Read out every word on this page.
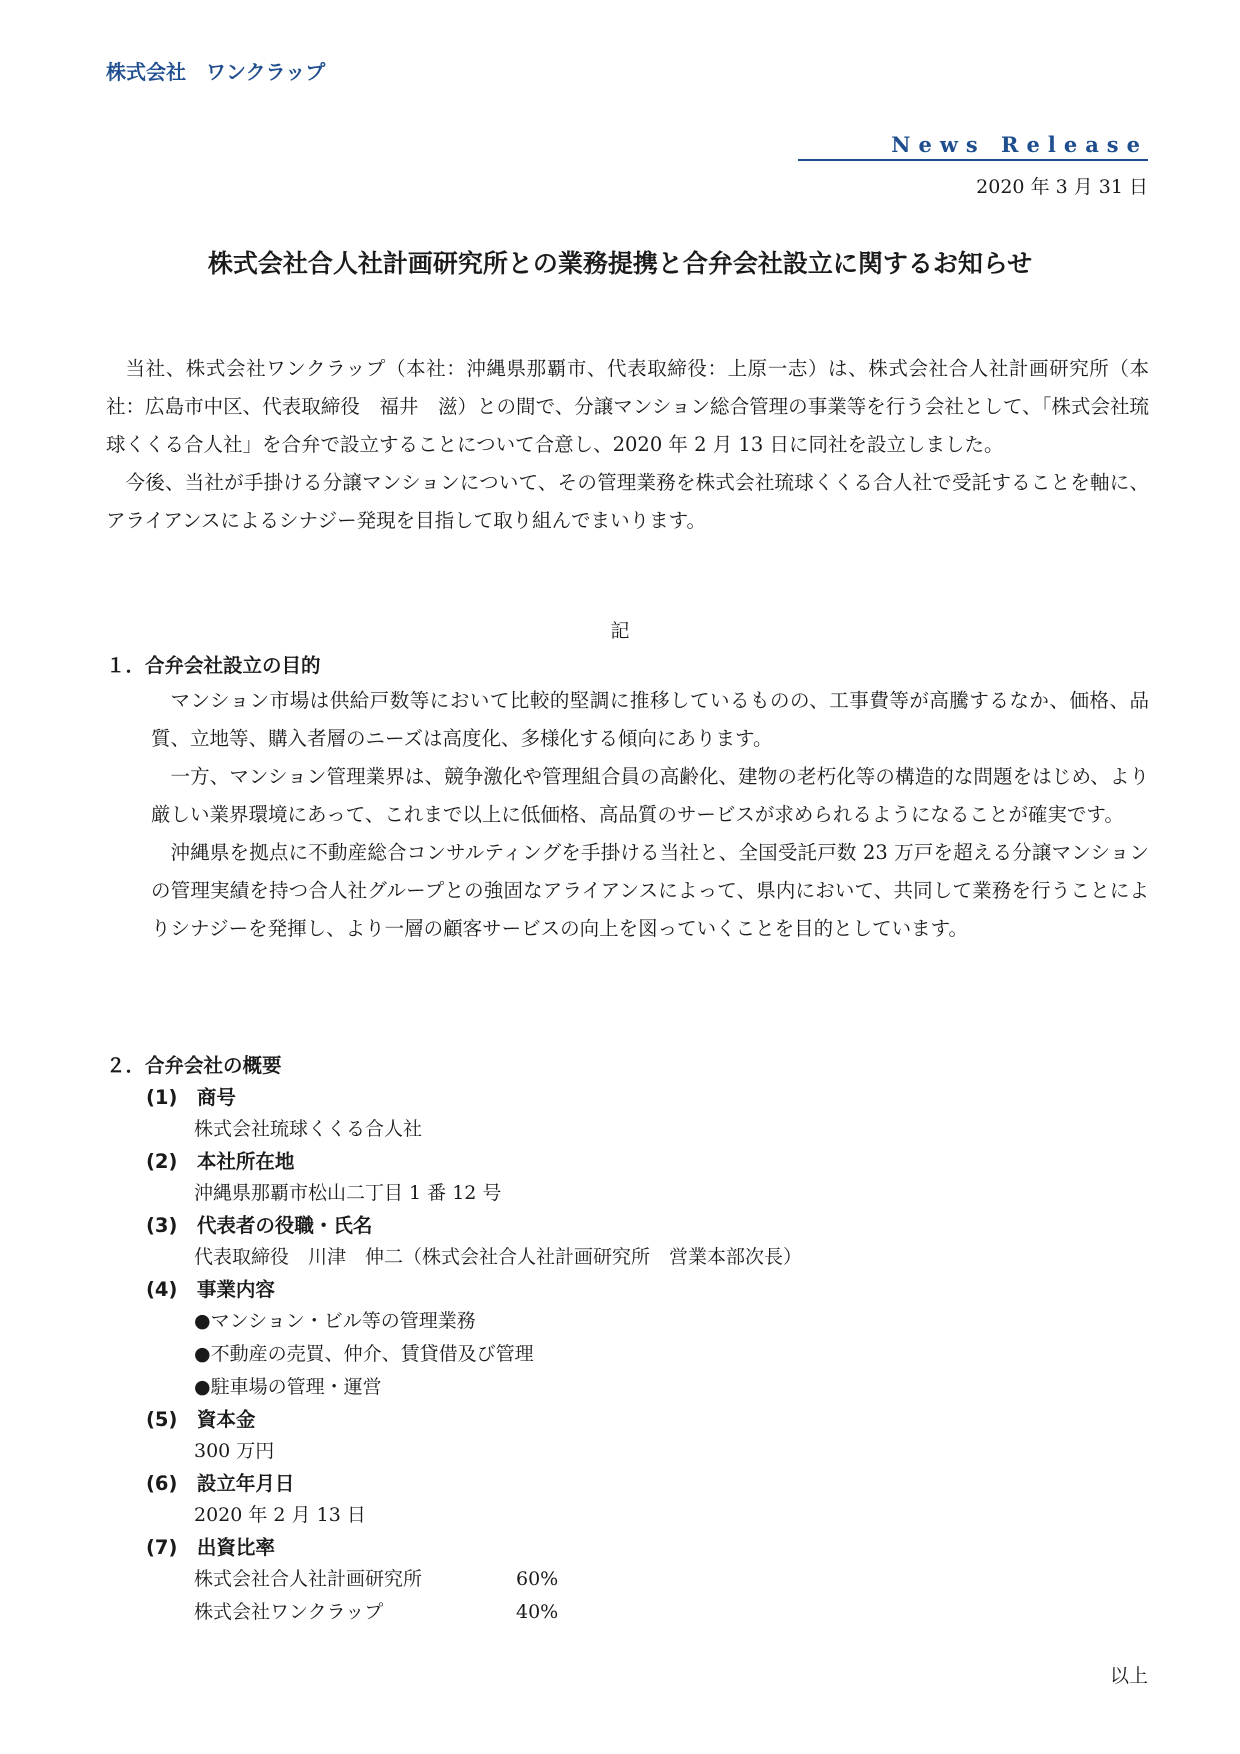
株式会社　ワンクラップ
News Release
2020 年 3 月 31 日
株式会社合人社計画研究所との業務提携と合弁会社設立に関するお知らせ

当社、株式会社ワンクラップ（本社：沖縄県那覇市、代表取締役：上原一志）は、株式会社合人社計画研究所（本社：広島市中区、代表取締役　福井　滋）との間で、分譲マンション総合管理の事業等を行う会社として、「株式会社琉球くくる合人社」を合弁で設立することについて合意し、2020 年 2 月 13 日に同社を設立しました。

今後、当社が手掛ける分譲マンションについて、その管理業務を株式会社琉球くくる合人社で受託することを軸に、アライアンスによるシナジー発現を目指して取り組んでまいります。

記
１．合弁会社設立の目的

マンション市場は供給戸数等において比較的堅調に推移しているものの、工事費等が高騰するなか、価格、品質、立地等、購入者層のニーズは高度化、多様化する傾向にあります。

一方、マンション管理業界は、競争激化や管理組合員の高齢化、建物の老朽化等の構造的な問題をはじめ、より厳しい業界環境にあって、これまで以上に低価格、高品質のサービスが求められるようになることが確実です。

沖縄県を拠点に不動産総合コンサルティングを手掛ける当社と、全国受託戸数 23 万戸を超える分譲マンションの管理実績を持つ合人社グループとの強固なアライアンスによって、県内において、共同して業務を行うことによりシナジーを発揮し、より一層の顧客サービスの向上を図っていくことを目的としています。

２．合弁会社の概要
(1)　商号
株式会社琉球くくる合人社
(2)　本社所在地
沖縄県那覇市松山二丁目 1 番 12 号
(3)　代表者の役職・氏名
代表取締役　川津　伸二（株式会社合人社計画研究所　営業本部次長）
(4)　事業内容
●マンション・ビル等の管理業務
●不動産の売買、仲介、賃貸借及び管理
●駐車場の管理・運営
(5)　資本金
300 万円
(6)　設立年月日
2020 年 2 月 13 日
(7)　出資比率
株式会社合人社計画研究所	60%
株式会社ワンクラップ	40%
以上
